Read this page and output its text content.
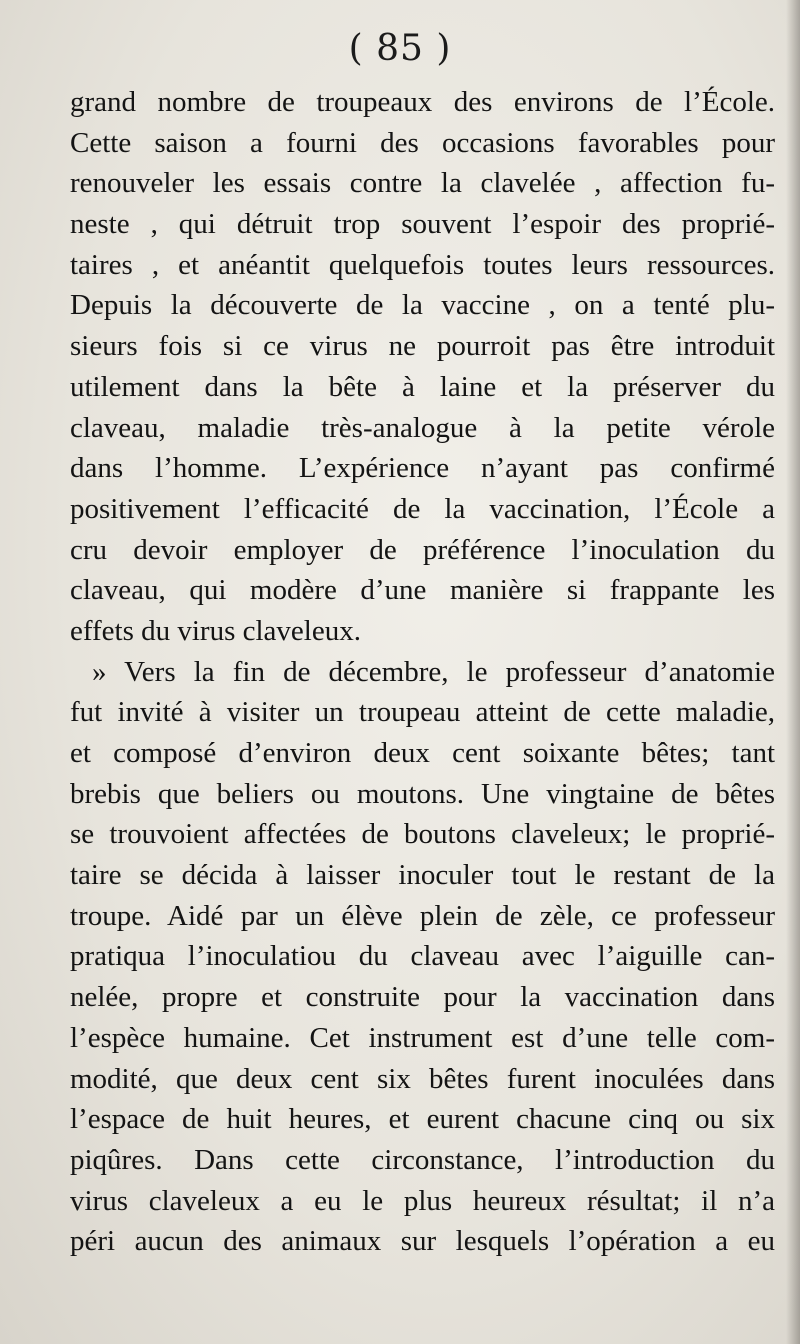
( 85 )
grand nombre de troupeaux des environs de l’École.
Cette saison a fourni des occasions favorables pour
renouveler les essais contre la clavelée , affection fu-
neste , qui détruit trop souvent l’espoir des proprié-
taires , et anéantit quelquefois toutes leurs ressources.
Depuis la découverte de la vaccine , on a tenté plu-
sieurs fois si ce virus ne pourroit pas être introduit
utilement dans la bête à laine et la préserver du
claveau, maladie très-analogue à la petite vérole
dans l’homme. L’expérience n’ayant pas confirmé
positivement l’efficacité de la vaccination, l’École a
cru devoir employer de préférence l’inoculation du
claveau, qui modère d’une manière si frappante les
effets du virus claveleux.
» Vers la fin de décembre, le professeur d’anatomie
fut invité à visiter un troupeau atteint de cette maladie,
et composé d’environ deux cent soixante bêtes; tant
brebis que beliers ou moutons. Une vingtaine de bêtes
se trouvoient affectées de boutons claveleux; le proprié-
taire se décida à laisser inoculer tout le restant de la
troupe. Aidé par un élève plein de zèle, ce professeur
pratiqua l’inoculatiou du claveau avec l’aiguille can-
nelée, propre et construite pour la vaccination dans
l’espèce humaine. Cet instrument est d’une telle com-
modité, que deux cent six bêtes furent inoculées dans
l’espace de huit heures, et eurent chacune cinq ou six
piqûres. Dans cette circonstance, l’introduction du
virus claveleux a eu le plus heureux résultat; il n’a
péri aucun des animaux sur lesquels l’opération a eu
